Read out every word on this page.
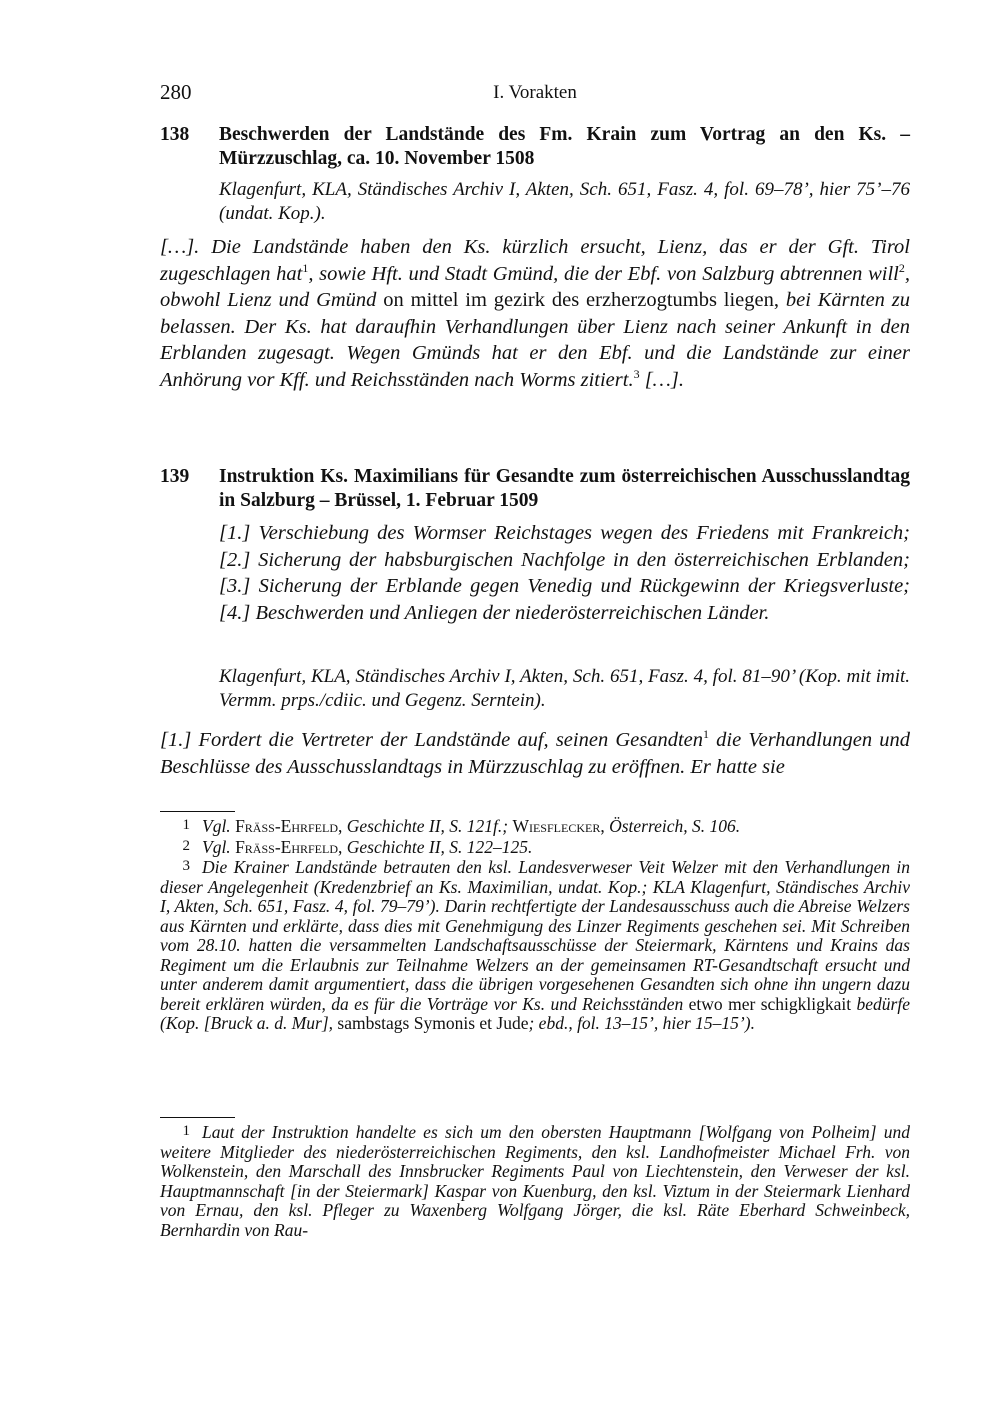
280	I. Vorakten
138 Beschwerden der Landstände des Fm. Krain zum Vortrag an den Ks. – Mürzzuschlag, ca. 10. November 1508
Klagenfurt, KLA, Ständisches Archiv I, Akten, Sch. 651, Fasz. 4, fol. 69–78’, hier 75’–76 (undat. Kop.).
[…]. Die Landstände haben den Ks. kürzlich ersucht, Lienz, das er der Gft. Tirol zugeschlagen hat$^1$, sowie Hft. und Stadt Gmünd, die der Ebf. von Salzburg abtrennen will$^2$, obwohl Lienz und Gmünd on mittel im gezirk des erzherzogtumbs liegen, bei Kärnten zu belassen. Der Ks. hat daraufhin Verhandlungen über Lienz nach seiner Ankunft in den Erblanden zugesagt. Wegen Gmünds hat er den Ebf. und die Landstände zur einer Anhörung vor Kff. und Reichsständen nach Worms zitiert.$^3$ […].
139 Instruktion Ks. Maximilians für Gesandte zum österreichischen Ausschusslandtag in Salzburg – Brüssel, 1. Februar 1509
[1.] Verschiebung des Wormser Reichstages wegen des Friedens mit Frankreich; [2.] Sicherung der habsburgischen Nachfolge in den österreichischen Erblanden; [3.] Sicherung der Erblande gegen Venedig und Rückgewinn der Kriegsverluste; [4.] Beschwerden und Anliegen der niederösterreichischen Länder.
Klagenfurt, KLA, Ständisches Archiv I, Akten, Sch. 651, Fasz. 4, fol. 81–90’ (Kop. mit imit. Vermm. prps./cdiic. und Gegenz. Serntein).
[1.] Fordert die Vertreter der Landstände auf, seinen Gesandten$^1$ die Verhandlungen und Beschlüsse des Ausschusslandtags in Mürzzuschlag zu eröffnen. Er hatte sie

1 Vgl. Fräss-Ehrfeld, Geschichte II, S. 121f.; Wiesflecker, Österreich, S. 106.

2 Vgl. Fräss-Ehrfeld, Geschichte II, S. 122–125.

3 Die Krainer Landstände betrauten den ksl. Landesverweser Veit Welzer mit den Verhandlungen in dieser Angelegenheit (Kredenzbrief an Ks. Maximilian, undat. Kop.; KLA Klagenfurt, Ständisches Archiv I, Akten, Sch. 651, Fasz. 4, fol. 79–79’). Darin rechtfertigte der Landesausschuss auch die Abreise Welzers aus Kärnten und erklärte, dass dies mit Genehmigung des Linzer Regiments geschehen sei. Mit Schreiben vom 28.10. hatten die versammelten Landschaftsausschüsse der Steiermark, Kärntens und Krains das Regiment um die Erlaubnis zur Teilnahme Welzers an der gemeinsamen RT-Gesandtschaft ersucht und unter anderem damit argumentiert, dass die übrigen vorgesehenen Gesandten sich ohne ihn ungern dazu bereit erklären würden, da es für die Vorträge vor Ks. und Reichsständen etwo mer schigkligkait bedürfe (Kop. [Bruck a. d. Mur], sambstags Symonis et Jude; ebd., fol. 13–15’, hier 15–15’).

1 Laut der Instruktion handelte es sich um den obersten Hauptmann [Wolfgang von Polheim] und weitere Mitglieder des niederösterreichischen Regiments, den ksl. Landhofmeister Michael Frh. von Wolkenstein, den Marschall des Innsbrucker Regiments Paul von Liechtenstein, den Verweser der ksl. Hauptmannschaft [in der Steiermark] Kaspar von Kuenburg, den ksl. Viztum in der Steiermark Lienhard von Ernau, den ksl. Pfleger zu Waxenberg Wolfgang Jörger, die ksl. Räte Eberhard Schweinbeck, Bernhardin von Rau-
